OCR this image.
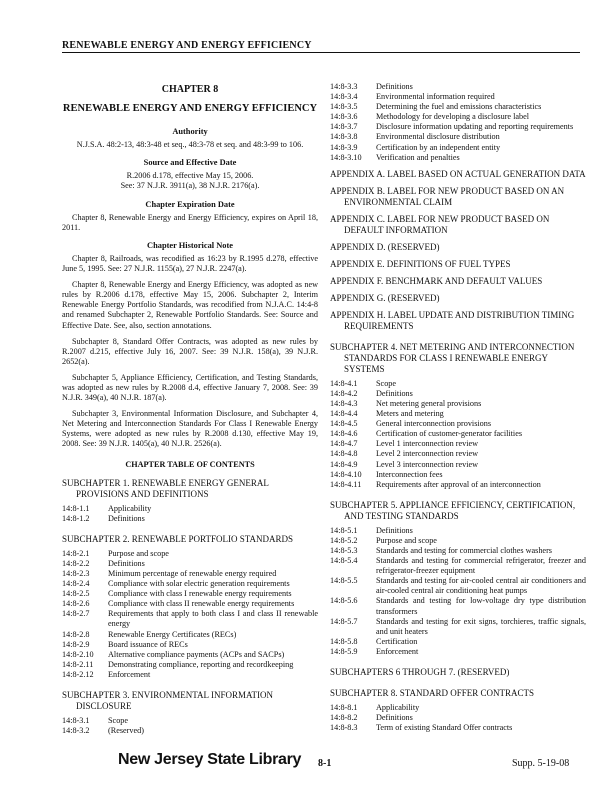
RENEWABLE ENERGY AND ENERGY EFFICIENCY
CHAPTER 8
RENEWABLE ENERGY AND ENERGY EFFICIENCY
Authority

N.J.S.A. 48:2-13, 48:3-48 et seq., 48:3-78 et seq. and 48:3-99 to 106.

Source and Effective Date

R.2006 d.178, effective May 15, 2006.

See: 37 N.J.R. 3911(a), 38 N.J.R. 2176(a).

Chapter Expiration Date

Chapter 8, Renewable Energy and Energy Efficiency, expires on April 18, 2011.

Chapter Historical Note

Chapter 8, Railroads, was recodified as 16:23 by R.1995 d.278, effective June 5, 1995. See: 27 N.J.R. 1155(a), 27 N.J.R. 2247(a).

Chapter 8, Renewable Energy and Energy Efficiency, was adopted as new rules by R.2006 d.178, effective May 15, 2006. Subchapter 2, Interim Renewable Energy Portfolio Standards, was recodified from N.J.A.C. 14:4-8 and renamed Subchapter 2, Renewable Portfolio Standards. See: Source and Effective Date. See, also, section annotations.

Subchapter 8, Standard Offer Contracts, was adopted as new rules by R.2007 d.215, effective July 16, 2007. See: 39 N.J.R. 158(a), 39 N.J.R. 2652(a).

Subchapter 5, Appliance Efficiency, Certification, and Testing Standards, was adopted as new rules by R.2008 d.4, effective January 7, 2008. See: 39 N.J.R. 349(a), 40 N.J.R. 187(a).

Subchapter 3, Environmental Information Disclosure, and Subchapter 4, Net Metering and Interconnection Standards For Class I Renewable Energy Systems, were adopted as new rules by R.2008 d.130, effective May 19, 2008. See: 39 N.J.R. 1405(a), 40 N.J.R. 2526(a).

CHAPTER TABLE OF CONTENTS
SUBCHAPTER 1. RENEWABLE ENERGY GENERAL PROVISIONS AND DEFINITIONS
14:8-1.1	Applicability
14:8-1.2	Definitions
SUBCHAPTER 2. RENEWABLE PORTFOLIO STANDARDS
14:8-2.1	Purpose and scope
14:8-2.2	Definitions
14:8-2.3	Minimum percentage of renewable energy required
14:8-2.4	Compliance with solar electric generation requirements
14:8-2.5	Compliance with class I renewable energy requirements
14:8-2.6	Compliance with class II renewable energy requirements
14:8-2.7	Requirements that apply to both class I and class II renewable energy
14:8-2.8	Renewable Energy Certificates (RECs)
14:8-2.9	Board issuance of RECs
14:8-2.10	Alternative compliance payments (ACPs and SACPs)
14:8-2.11	Demonstrating compliance, reporting and recordkeeping
14:8-2.12	Enforcement
SUBCHAPTER 3. ENVIRONMENTAL INFORMATION DISCLOSURE
14:8-3.1	Scope
14:8-3.2	(Reserved)
14:8-3.3	Definitions
14:8-3.4	Environmental information required
14:8-3.5	Determining the fuel and emissions characteristics
14:8-3.6	Methodology for developing a disclosure label
14:8-3.7	Disclosure information updating and reporting requirements
14:8-3.8	Environmental disclosure distribution
14:8-3.9	Certification by an independent entity
14:8-3.10	Verification and penalties
APPENDIX A. LABEL BASED ON ACTUAL GENERATION DATA
APPENDIX B. LABEL FOR NEW PRODUCT BASED ON AN ENVIRONMENTAL CLAIM
APPENDIX C. LABEL FOR NEW PRODUCT BASED ON DEFAULT INFORMATION
APPENDIX D. (RESERVED)
APPENDIX E. DEFINITIONS OF FUEL TYPES
APPENDIX F. BENCHMARK AND DEFAULT VALUES
APPENDIX G. (RESERVED)
APPENDIX H. LABEL UPDATE AND DISTRIBUTION TIMING REQUIREMENTS
SUBCHAPTER 4. NET METERING AND INTERCONNECTION STANDARDS FOR CLASS I RENEWABLE ENERGY SYSTEMS
14:8-4.1	Scope
14:8-4.2	Definitions
14:8-4.3	Net metering general provisions
14:8-4.4	Meters and metering
14:8-4.5	General interconnection provisions
14:8-4.6	Certification of customer-generator facilities
14:8-4.7	Level 1 interconnection review
14:8-4.8	Level 2 interconnection review
14:8-4.9	Level 3 interconnection review
14:8-4.10	Interconnection fees
14:8-4.11	Requirements after approval of an interconnection
SUBCHAPTER 5. APPLIANCE EFFICIENCY, CERTIFICATION, AND TESTING STANDARDS
14:8-5.1	Definitions
14:8-5.2	Purpose and scope
14:8-5.3	Standards and testing for commercial clothes washers
14:8-5.4	Standards and testing for commercial refrigerator, freezer and refrigerator-freezer equipment
14:8-5.5	Standards and testing for air-cooled central air conditioners and air-cooled central air conditioning heat pumps
14:8-5.6	Standards and testing for low-voltage dry type distribution transformers
14:8-5.7	Standards and testing for exit signs, torchieres, traffic signals, and unit heaters
14:8-5.8	Certification
14:8-5.9	Enforcement
SUBCHAPTERS 6 THROUGH 7. (RESERVED)
SUBCHAPTER 8. STANDARD OFFER CONTRACTS
14:8-8.1	Applicability
14:8-8.2	Definitions
14:8-8.3	Term of existing Standard Offer contracts
New Jersey State Library 8-1	Supp. 5-19-08
